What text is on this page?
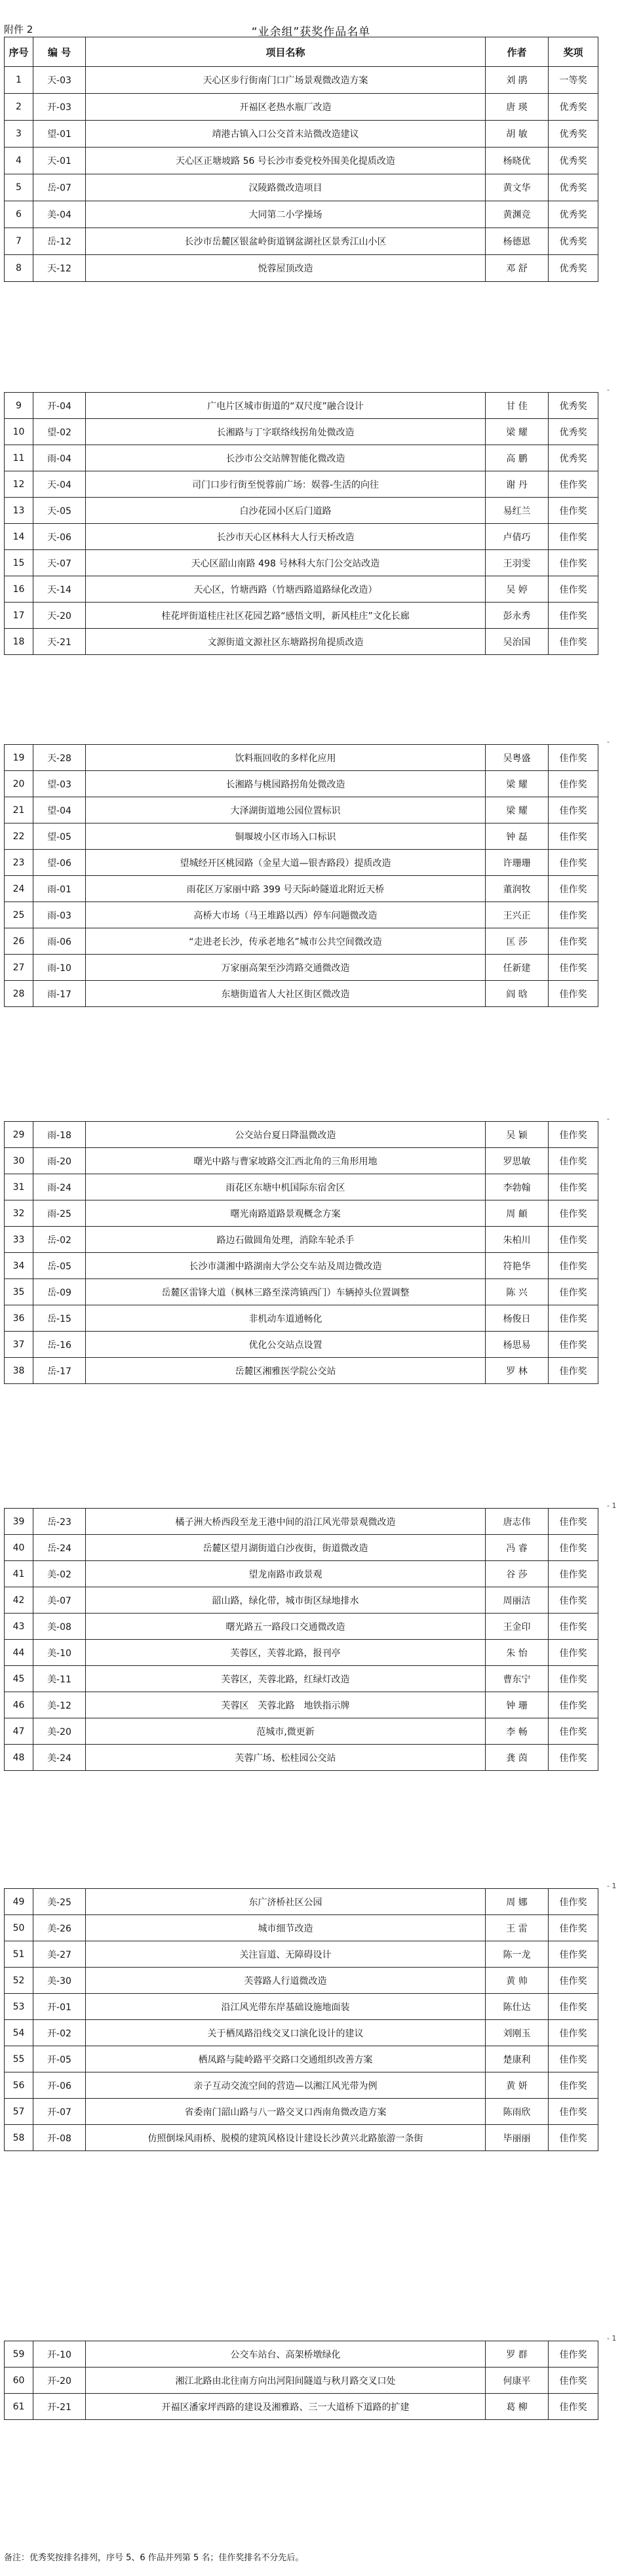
附件 2	“业余组”获奖作品名单
序号	编 号	项目名称	作者	奖项
1	天-03	天心区步行街南门口广场景观微改造方案	刘 鹃	一等奖
2	开-03	开福区老热水瓶厂改造	唐 瑛	优秀奖
3	望-01	靖港古镇入口公交首末站微改造建议	胡 敏	优秀奖
4	天-01	天心区正塘坡路 56 号长沙市委党校外围美化提质改造	杨晓优	优秀奖
5	岳-07	汉陵路微改造项目	黄文华	优秀奖
6	美-04	大同第二小学操场	黄渊竞	优秀奖
7	岳-12	长沙市岳麓区银盆岭街道钢盆湖社区景秀江山小区	杨德恩	优秀奖
8	天-12	悦蓉屋顶改造	邓 舒	优秀奖
9	开-04	广电片区城市街道的“双尺度”融合设计	甘 佳	优秀奖
10	望-02	长湘路与丁字联络线拐角处微改造	梁 耀	优秀奖
11	雨-04	长沙市公交站牌智能化微改造	高 鹏	优秀奖
12	天-04	司门口步行街至悦蓉前广场：娱蓉-生活的向往	谢 丹	佳作奖
13	天-05	白沙花园小区后门道路	易红兰	佳作奖
14	天-06	长沙市天心区林科大人行天桥改造	卢倩巧	佳作奖
15	天-07	天心区韶山南路 498 号林科大东门公交站改造	王羽雯	佳作奖
16	天-14	天心区，竹塘西路（竹塘西路道路绿化改造）	吴 婷	佳作奖
17	天-20	桂花坪街道桂庄社区花园艺路“感悟文明，新风桂庄”文化长廊	彭永秀	佳作奖
18	天-21	文源街道文源社区东塘路拐角提质改造	吴治国	佳作奖
-
19	天-28	饮料瓶回收的多样化应用	吴粤盛	佳作奖
20	望-03	长湘路与桃园路拐角处微改造	梁 耀	佳作奖
21	望-04	大泽湖街道地公园位置标识	梁 耀	佳作奖
22	望-05	铜堰坡小区市场入口标识	钟 磊	佳作奖
23	望-06	望城经开区桃园路（金星大道—银杏路段）提质改造	许珊珊	佳作奖
24	雨-01	雨花区万家丽中路 399 号天际岭隧道北附近天桥	董润牧	佳作奖
25	雨-03	高桥大市场（马王堆路以西）停车问题微改造	王兴正	佳作奖
26	雨-06	“走进老长沙，传承老地名”城市公共空间微改造	匡 莎	佳作奖
27	雨-10	万家丽高架至沙湾路交通微改造	任新建	佳作奖
28	雨-17	东塘街道省人大社区街区微改造	阎 晗	佳作奖
-
29	雨-18	公交站台夏日降温微改造	吴 颖	佳作奖
30	雨-20	曙光中路与曹家坡路交汇西北角的三角形用地	罗思敏	佳作奖
31	雨-24	雨花区东塘中机国际东宿舍区	李勃翰	佳作奖
32	雨-25	曙光南路道路景观概念方案	周 頔	佳作奖
33	岳-02	路边石做圆角处理，消除车轮杀手	朱柏川	佳作奖
34	岳-05	长沙市潇湘中路湖南大学公交车站及周边微改造	符艳华	佳作奖
35	岳-09	岳麓区雷锋大道（枫林三路至溁湾镇西门）车辆掉头位置调整	陈 兴	佳作奖
36	岳-15	非机动车道通畅化	杨俊日	佳作奖
37	岳-16	优化公交站点设置	杨思易	佳作奖
38	岳-17	岳麓区湘雅医学院公交站	罗 林	佳作奖
-
39	岳-23	橘子洲大桥西段至龙王港中间的沿江风光带景观微改造	唐志伟	佳作奖
40	岳-24	岳麓区望月湖街道白沙夜街，街道微改造	冯 睿	佳作奖
41	美-02	望龙南路市政景观	谷 莎	佳作奖
42	美-07	韶山路，绿化带，城市街区绿地排水	周丽洁	佳作奖
43	美-08	曙光路五一路段口交通微改造	王金印	佳作奖
44	美-10	芙蓉区，芙蓉北路，报刊亭	朱 怡	佳作奖
45	美-11	芙蓉区，芙蓉北路，红绿灯改造	曹东宁	佳作奖
46	美-12	芙蓉区　芙蓉北路　地铁指示牌	钟 珊	佳作奖
47	美-20	范城市,微更新	李 畅	佳作奖
48	美-24	芙蓉广场、松桂园公交站	龚 茵	佳作奖
- 1
49	美-25	东广济桥社区公园	周 娜	佳作奖
50	美-26	城市细节改造	王 雷	佳作奖
51	美-27	关注盲道、无障碍设计	陈一龙	佳作奖
52	美-30	芙蓉路人行道微改造	黄 帅	佳作奖
53	开-01	沿江风光带东岸基础设施地面装	陈仕达	佳作奖
54	开-02	关于栖凤路沿线交叉口演化设计的建议	刘刚玉	佳作奖
55	开-05	栖凤路与陡岭路平交路口交通组织改善方案	楚康利	佳作奖
56	开-06	亲子互动交流空间的营造—以湘江风光带为例	黄 妍	佳作奖
57	开-07	省委南门韶山路与八一路交叉口西南角微改造方案	陈雨欣	佳作奖
58	开-08	仿照倒垛风雨桥、脱模的建筑风格设计建设长沙黄兴北路旅游一条街	毕丽丽	佳作奖
- 1
59	开-10	公交车站台、高架桥墩绿化	罗 群	佳作奖
60	开-20	湘江北路由北往南方向出河阳间隧道与秋月路交叉口处	何康平	佳作奖
61	开-21	开福区潘家坪西路的建设及湘雅路、三一大道桥下道路的扩建	葛 柳	佳作奖
- 1
备注：优秀奖按排名排列，序号 5、6 作品并列第 5 名；佳作奖排名不分先后。
